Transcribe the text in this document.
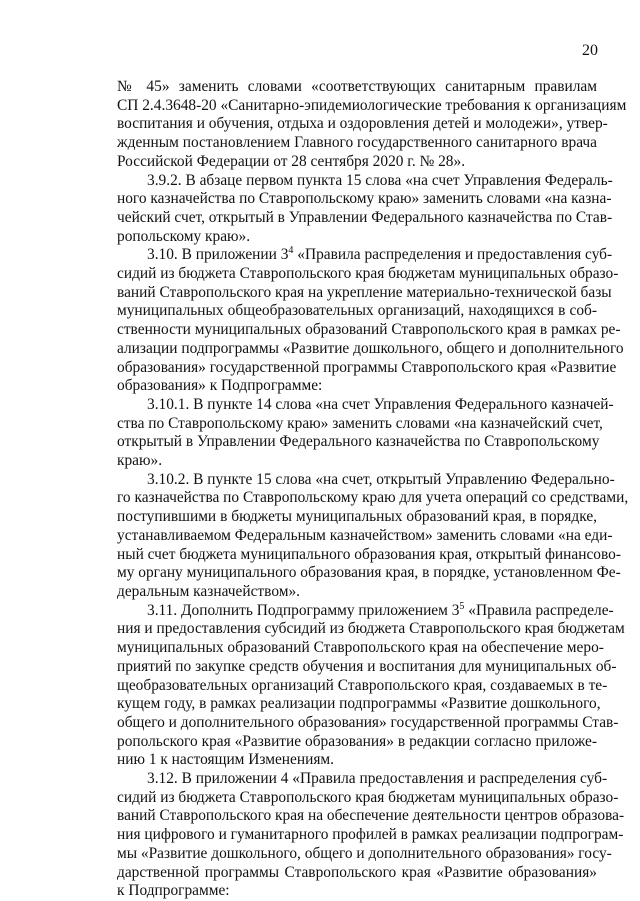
20

№ 45» заменить словами «соответствующих санитарным правилам
СП 2.4.3648-20 «Санитарно-эпидемиологические требования к организациям
воспитания и обучения, отдыха и оздоровления детей и молодежи», утвер-
жденным постановлением Главного государственного санитарного врача
Российской Федерации от 28 сентября 2020 г. № 28».

3.9.2. В абзаце первом пункта 15 слова «на счет Управления Федераль-
ного казначейства по Ставропольскому краю» заменить словами «на казна-
чейский счет, открытый в Управлении Федерального казначейства по Став-
ропольскому краю».

3.10. В приложении $3^4$ «Правила распределения и предоставления суб-
сидий из бюджета Ставропольского края бюджетам муниципальных образо-
ваний Ставропольского края на укрепление материально-технической базы
муниципальных общеобразовательных организаций, находящихся в соб-
ственности муниципальных образований Ставропольского края в рамках ре-
ализации подпрограммы «Развитие дошкольного, общего и дополнительного
образования» государственной программы Ставропольского края «Развитие
образования» к Подпрограмме:

3.10.1. В пункте 14 слова «на счет Управления Федерального казначей-
ства по Ставропольскому краю» заменить словами «на казначейский счет,
открытый в Управлении Федерального казначейства по Ставропольскому
краю».

3.10.2. В пункте 15 слова «на счет, открытый Управлению Федерально-
го казначейства по Ставропольскому краю для учета операций со средствами,
поступившими в бюджеты муниципальных образований края, в порядке,
устанавливаемом Федеральным казначейством» заменить словами «на еди-
ный счет бюджета муниципального образования края, открытый финансово-
му органу муниципального образования края, в порядке, установленном Фе-
деральным казначейством».

3.11. Дополнить Подпрограмму приложением $3^5$ «Правила распределе-
ния и предоставления субсидий из бюджета Ставропольского края бюджетам
муниципальных образований Ставропольского края на обеспечение меро-
приятий по закупке средств обучения и воспитания для муниципальных об-
щеобразовательных организаций Ставропольского края, создаваемых в те-
кущем году, в рамках реализации подпрограммы «Развитие дошкольного,
общего и дополнительного образования» государственной программы Став-
ропольского края «Развитие образования» в редакции согласно приложе-
нию 1 к настоящим Изменениям.

3.12. В приложении 4 «Правила предоставления и распределения суб-
сидий из бюджета Ставропольского края бюджетам муниципальных образо-
ваний Ставропольского края на обеспечение деятельности центров образова-
ния цифрового и гуманитарного профилей в рамках реализации подпрограм-
мы «Развитие дошкольного, общего и дополнительного образования» госу-
дарственной программы Ставропольского края «Развитие образования»
к Подпрограмме:
